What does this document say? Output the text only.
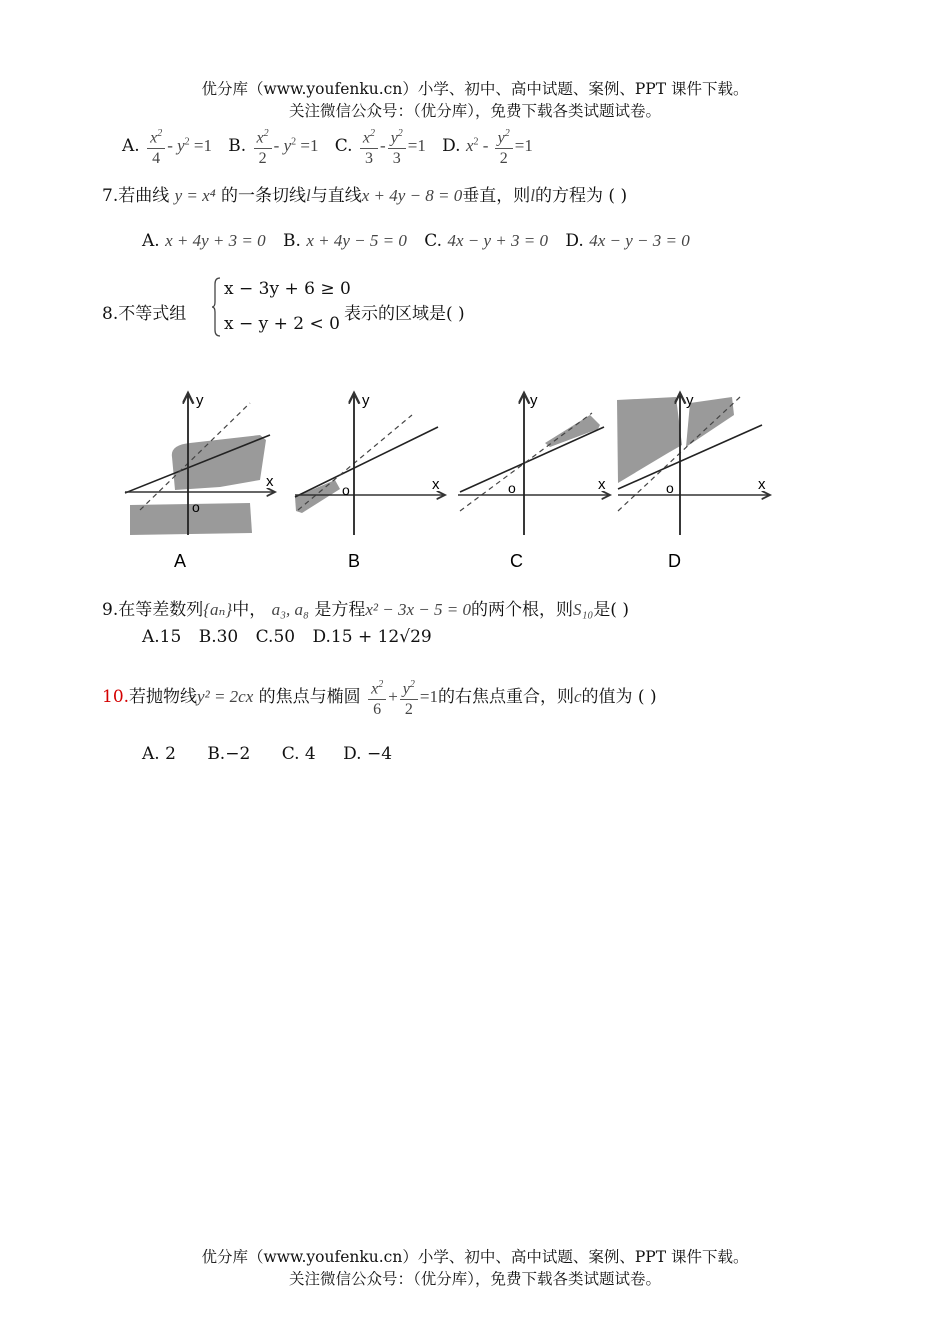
优分库（www.youfenku.cn）小学、初中、高中试题、案例、PPT 课件下载。
关注微信公众号：（优分库），免费下载各类试题试卷。
A. $\frac{x^2}{4} - y^2 =1$ B. $\frac{x^2}{2} - y^2 =1$ C. $\frac{x^2}{3} - \frac{y^2}{3} =1$ D. $x^2 - \frac{y^2}{2} =1$
7.若曲线 y = x⁴ 的一条切线l与直线x + 4y − 8 = 0垂直，则l的方程为 ( )
A. x + 4y + 3 = 0 B. x + 4y − 5 = 0 C. 4x − y + 3 = 0 D. 4x − y − 3 = 0
8.不等式组
x − 3y + 6 ≥ 0
x − y + 2 < 0 表示的区域是( )
y
x
o
A
y
x
o
B
y
x
o
C
y
x
o
D
9.在等差数列{aₙ}中， a₃, a₈ 是方程x² − 3x − 5 = 0的两个根，则S₁₀是( )
A.15 B.30 C.50 D.15 + 12√29
10.若抛物线y² = 2cx 的焦点与椭圆 $\frac{x^2}{6} + \frac{y^2}{2} =1$的右焦点重合，则c的值为 ( )
A. 2 B.−2 C. 4 D. −4
优分库（www.youfenku.cn）小学、初中、高中试题、案例、PPT 课件下载。
关注微信公众号：（优分库），免费下载各类试题试卷。
